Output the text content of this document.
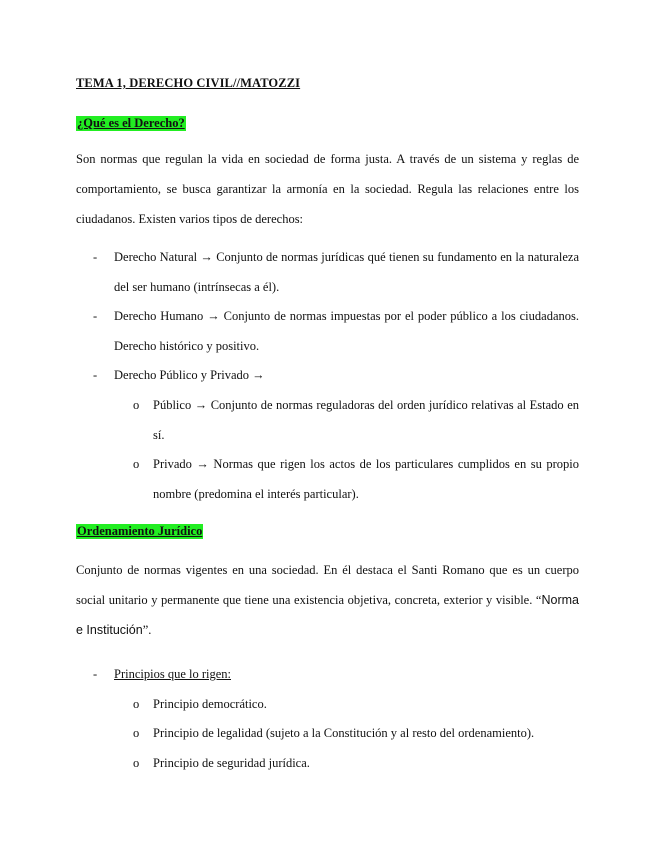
TEMA 1, DERECHO CIVIL//MATOZZI
¿Qué es el Derecho?
Son normas que regulan la vida en sociedad de forma justa. A través de un sistema y reglas de comportamiento, se busca garantizar la armonía en la sociedad. Regula las relaciones entre los ciudadanos. Existen varios tipos de derechos:
- Derecho Natural → Conjunto de normas jurídicas qué tienen su fundamento en la naturaleza del ser humano (intrínsecas a él).
- Derecho Humano → Conjunto de normas impuestas por el poder público a los ciudadanos. Derecho histórico y positivo.
- Derecho Público y Privado →
o Público → Conjunto de normas reguladoras del orden jurídico relativas al Estado en sí.
o Privado → Normas que rigen los actos de los particulares cumplidos en su propio nombre (predomina el interés particular).
Ordenamiento Jurídico
Conjunto de normas vigentes en una sociedad. En él destaca el Santi Romano que es un cuerpo social unitario y permanente que tiene una existencia objetiva, concreta, exterior y visible. “Norma e Institución”.
- Principios que lo rigen:
o Principio democrático.
o Principio de legalidad (sujeto a la Constitución y al resto del ordenamiento).
o Principio de seguridad jurídica.
